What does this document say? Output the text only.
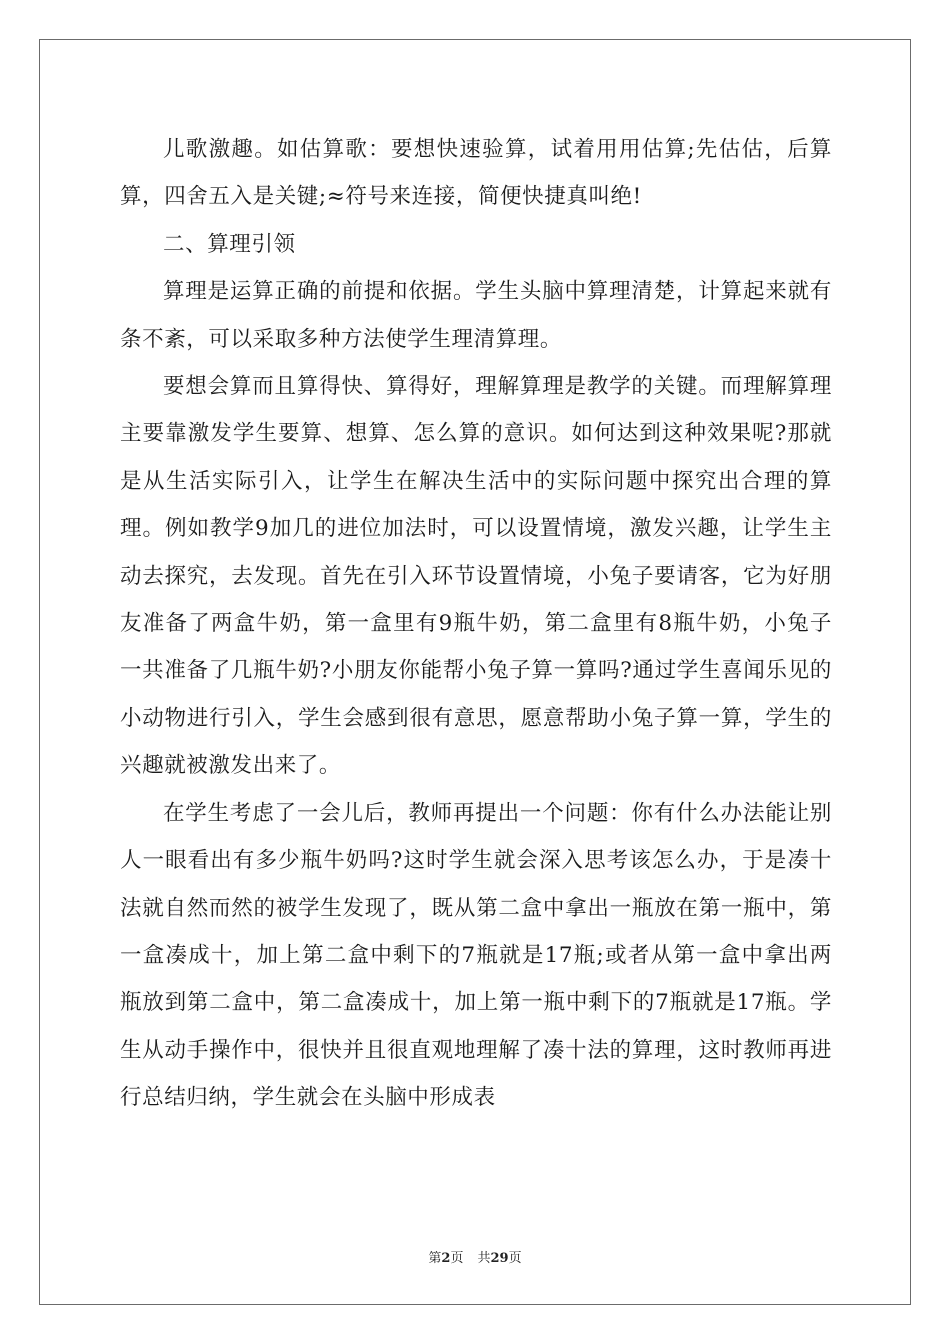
儿歌激趣。如估算歌：要想快速验算，试着用用估算;先估估，后算算，四舍五入是关键;≈符号来连接，简便快捷真叫绝!

二、算理引领

算理是运算正确的前提和依据。学生头脑中算理清楚，计算起来就有条不紊，可以采取多种方法使学生理清算理。

要想会算而且算得快、算得好，理解算理是教学的关键。而理解算理主要靠激发学生要算、想算、怎么算的意识。如何达到这种效果呢?那就是从生活实际引入，让学生在解决生活中的实际问题中探究出合理的算理。例如教学9加几的进位加法时，可以设置情境，激发兴趣，让学生主动去探究，去发现。首先在引入环节设置情境，小兔子要请客，它为好朋友准备了两盒牛奶，第一盒里有9瓶牛奶，第二盒里有8瓶牛奶，小兔子一共准备了几瓶牛奶?小朋友你能帮小兔子算一算吗?通过学生喜闻乐见的小动物进行引入，学生会感到很有意思，愿意帮助小兔子算一算，学生的兴趣就被激发出来了。

在学生考虑了一会儿后，教师再提出一个问题：你有什么办法能让别人一眼看出有多少瓶牛奶吗?这时学生就会深入思考该怎么办，于是凑十法就自然而然的被学生发现了，既从第二盒中拿出一瓶放在第一瓶中，第一盒凑成十，加上第二盒中剩下的7瓶就是17瓶;或者从第一盒中拿出两瓶放到第二盒中，第二盒凑成十，加上第一瓶中剩下的7瓶就是17瓶。学生从动手操作中，很快并且很直观地理解了凑十法的算理，这时教师再进行总结归纳，学生就会在头脑中形成表

第2页 共29页
